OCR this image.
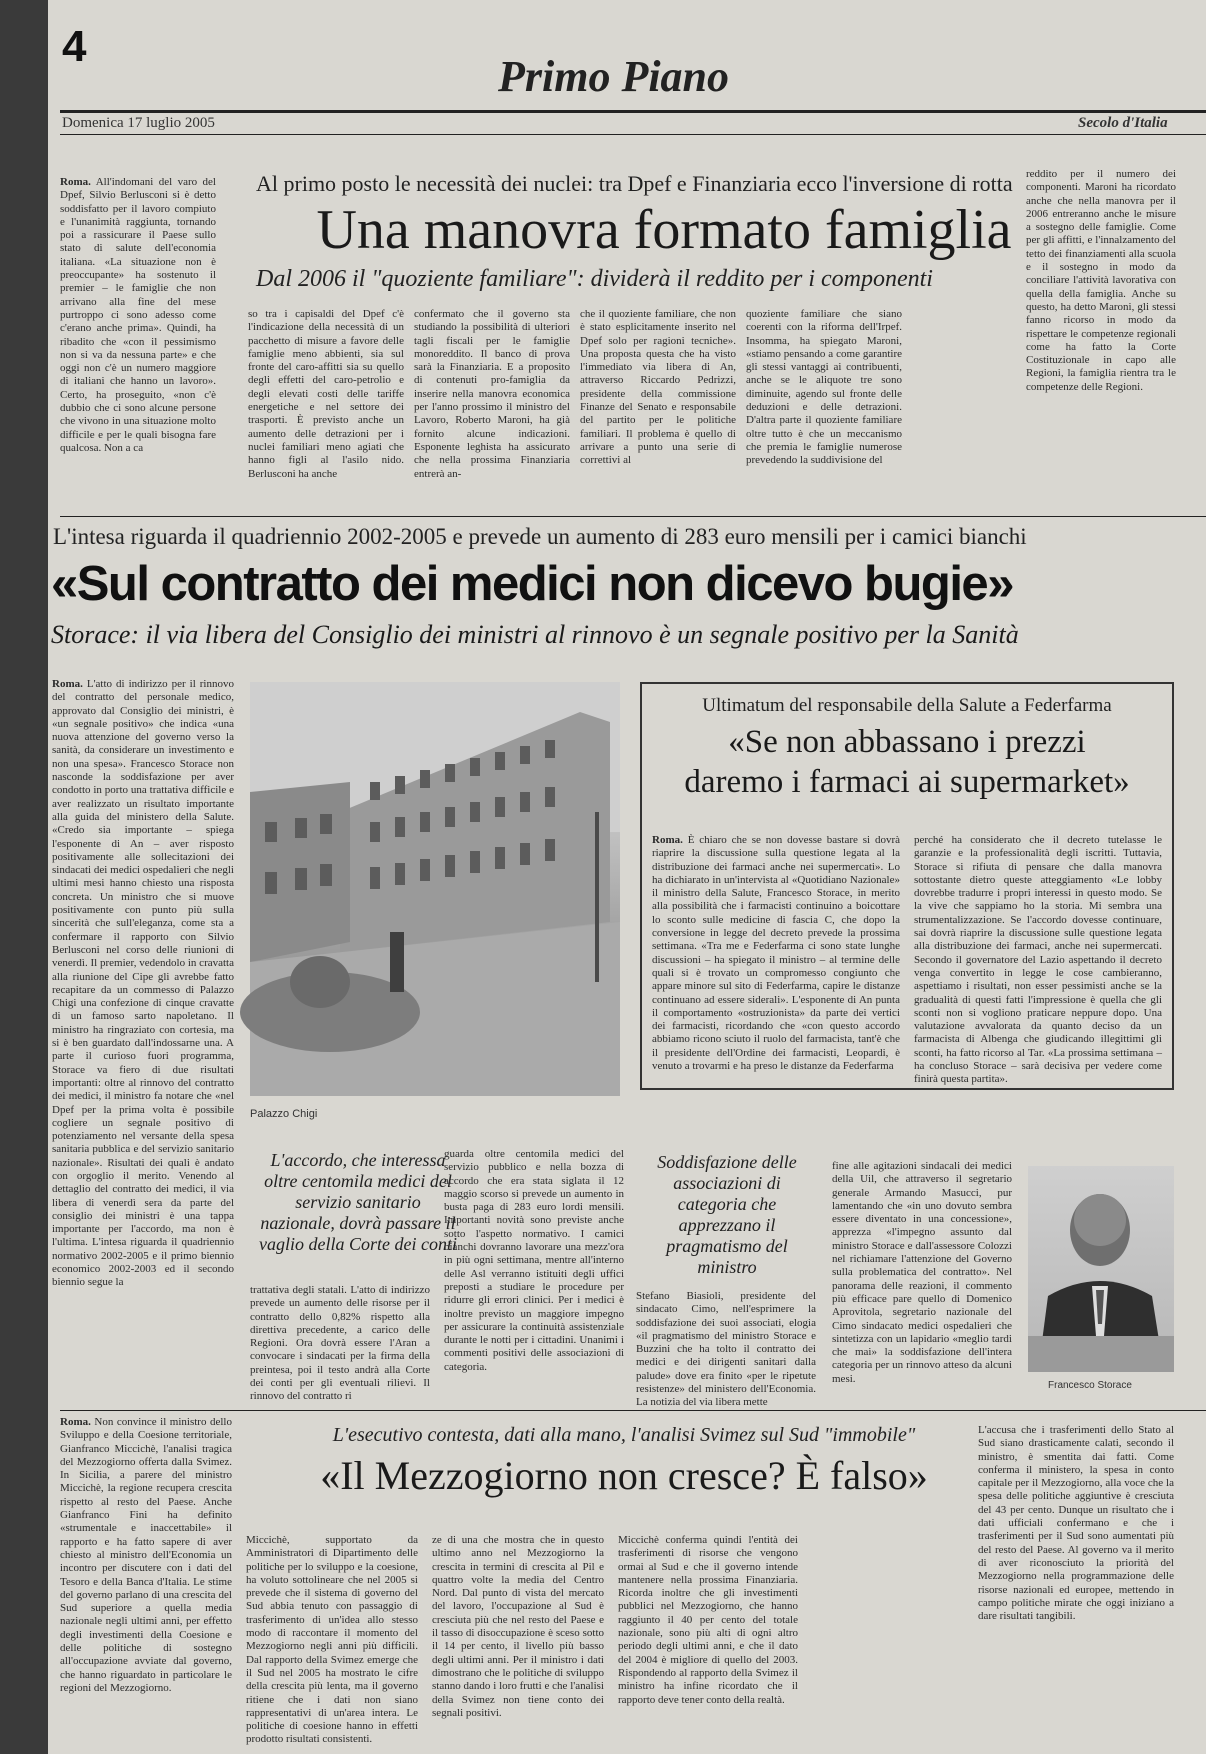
4
Primo Piano
Domenica 17 luglio 2005	Secolo d'Italia
Roma. All'indomani del varo del Dpef, Silvio Berlusconi si è detto soddisfatto per il lavoro compiuto e l'unanimità raggiunta, tornando poi a rassicurare il Paese sullo stato di salute dell'economia italiana. «La situazione non è preoccupante» ha sostenuto il premier – le famiglie che non arrivano alla fine del mese purtroppo ci sono adesso come c'erano anche prima». Quindi, ha ribadito che «con il pessimismo non si va da nessuna parte» e che oggi non c'è un numero maggiore di italiani che hanno un lavoro». Certo, ha proseguito, «non c'è dubbio che ci sono alcune persone che vivono in una situazione molto difficile e per le quali bisogna fare qualcosa. Non a ca
Al primo posto le necessità dei nuclei: tra Dpef e Finanziaria ecco l'inversione di rotta
Una manovra formato famiglia
Dal 2006 il "quoziente familiare": dividerà il reddito per i componenti
so tra i capisaldi del Dpef c'è l'indicazione della necessità di un pacchetto di misure a favore delle famiglie meno abbienti, sia sul fronte del caro-affitti sia su quello degli effetti del caro-petrolio e degli elevati costi delle tariffe energetiche e nel settore dei trasporti. È previsto anche un aumento delle detrazioni per i nuclei familiari meno agiati che hanno figli al l'asilo nido. Berlusconi ha anche
confermato che il governo sta studiando la possibilità di ulteriori tagli fiscali per le famiglie monoreddito. Il banco di prova sarà la Finanziaria. E a proposito di contenuti pro-famiglia da inserire nella manovra economica per l'anno prossimo il ministro del Lavoro, Roberto Maroni, ha già fornito alcune indicazioni. Esponente leghista ha assicurato che nella prossima Finanziaria entrerà an-
che il quoziente familiare, che non è stato esplicitamente inserito nel Dpef solo per ragioni tecniche». Una proposta questa che ha visto l'immediato via libera di An, attraverso Riccardo Pedrizzi, presidente della commissione Finanze del Senato e responsabile del partito per le politiche familiari. Il problema è quello di arrivare a punto una serie di correttivi al
quoziente familiare che siano coerenti con la riforma dell'Irpef. Insomma, ha spiegato Maroni, «stiamo pensando a come garantire gli stessi vantaggi ai contribuenti, anche se le aliquote tre sono diminuite, agendo sul fronte delle deduzioni e delle detrazioni. D'altra parte il quoziente familiare oltre tutto è che un meccanismo che premia le famiglie numerose prevedendo la suddivisione del
reddito per il numero dei componenti. Maroni ha ricordato anche che nella manovra per il 2006 entreranno anche le misure a sostegno delle famiglie. Come per gli affitti, e l'innalzamento del tetto dei finanziamenti alla scuola e il sostegno in modo da conciliare l'attività lavorativa con quella della famiglia. Anche su questo, ha detto Maroni, gli stessi fanno ricorso in modo da rispettare le competenze regionali come ha fatto la Corte Costituzionale in capo alle Regioni, la famiglia rientra tra le competenze delle Regioni.
L'intesa riguarda il quadriennio 2002-2005 e prevede un aumento di 283 euro mensili per i camici bianchi
«Sul contratto dei medici non dicevo bugie»
Storace: il via libera del Consiglio dei ministri al rinnovo è un segnale positivo per la Sanità
Roma. L'atto di indirizzo per il rinnovo del contratto del personale medico, approvato dal Consiglio dei ministri, è «un segnale positivo» che indica «una nuova attenzione del governo verso la sanità, da considerare un investimento e non una spesa». Francesco Storace non nasconde la soddisfazione per aver condotto in porto una trattativa difficile e aver realizzato un risultato importante alla guida del ministero della Salute. «Credo sia importante – spiega l'esponente di An – aver risposto positivamente alle sollecitazioni dei sindacati dei medici ospedalieri che negli ultimi mesi hanno chiesto una risposta concreta. Un ministro che si muove positivamente con punto più sulla sincerità che sull'eleganza, come sta a confermare il rapporto con Silvio Berlusconi nel corso delle riunioni di venerdì. Il premier, vedendolo in cravatta alla riunione del Cipe gli avrebbe fatto recapitare da un commesso di Palazzo Chigi una confezione di cinque cravatte di un famoso sarto napoletano. Il ministro ha ringraziato con cortesia, ma si è ben guardato dall'indossarne una. A parte il curioso fuori programma, Storace va fiero di due risultati importanti: oltre al rinnovo del contratto dei medici, il ministro fa notare che «nel Dpef per la prima volta è possibile cogliere un segnale positivo di potenziamento nel versante della spesa sanitaria pubblica e del servizio sanitario nazionale». Risultati dei quali è andato con orgoglio il merito. Venendo al dettaglio del contratto dei medici, il via libera di venerdì sera da parte del consiglio dei ministri è una tappa importante per l'accordo, ma non è l'ultima. L'intesa riguarda il quadriennio normativo 2002-2005 e il primo biennio economico 2002-2003 ed il secondo biennio segue la
Palazzo Chigi
L'accordo, che interessa oltre centomila medici del servizio sanitario nazionale, dovrà passare il vaglio della Corte dei conti
trattativa degli statali. L'atto di indirizzo prevede un aumento delle risorse per il contratto dello 0,82% rispetto alla direttiva precedente, a carico delle Regioni. Ora dovrà essere l'Aran a convocare i sindacati per la firma della preintesa, poi il testo andrà alla Corte dei conti per gli eventuali rilievi. Il rinnovo del contratto ri
guarda oltre centomila medici del servizio pubblico e nella bozza di accordo che era stata siglata il 12 maggio scorso si prevede un aumento in busta paga di 283 euro lordi mensili. Importanti novità sono previste anche sotto l'aspetto normativo. I camici bianchi dovranno lavorare una mezz'ora in più ogni settimana, mentre all'interno delle Asl verranno istituiti degli uffici preposti a studiare le procedure per ridurre gli errori clinici. Per i medici è inoltre previsto un maggiore impegno per assicurare la continuità assistenziale durante le notti per i cittadini. Unanimi i commenti positivi delle associazioni di categoria.
Soddisfazione delle associazioni di categoria che apprezzano il pragmatismo del ministro
Stefano Biasioli, presidente del sindacato Cimo, nell'esprimere la soddisfazione dei suoi associati, elogia «il pragmatismo del ministro Storace e Buzzini che ha tolto il contratto dei medici e dei dirigenti sanitari dalla palude» dove era finito «per le ripetute resistenze» del ministero dell'Economia. La notizia del via libera mette
fine alle agitazioni sindacali dei medici della Uil, che attraverso il segretario generale Armando Masucci, pur lamentando che «in uno dovuto sembra essere diventato in una concessione», apprezza «l'impegno assunto dal ministro Storace e dall'assessore Colozzi nel richiamare l'attenzione del Governo sulla problematica del contratto». Nel panorama delle reazioni, il commento più efficace pare quello di Domenico Aprovitola, segretario nazionale del Cimo sindacato medici ospedalieri che sintetizza con un lapidario «meglio tardi che mai» la soddisfazione dell'intera categoria per un rinnovo atteso da alcuni mesi.
Francesco Storace
Ultimatum del responsabile della Salute a Federfarma
«Se non abbassano i prezzi
daremo i farmaci ai supermarket»
Roma. È chiaro che se non dovesse bastare si dovrà riaprire la discussione sulla questione legata al la distribuzione dei farmaci anche nei supermercati». Lo ha dichiarato in un'intervista al «Quotidiano Nazionale» il ministro della Salute, Francesco Storace, in merito alla possibilità che i farmacisti continuino a boicottare lo sconto sulle medicine di fascia C, che dopo la conversione in legge del decreto prevede la prossima settimana. «Tra me e Federfarma ci sono state lunghe discussioni – ha spiegato il ministro – al termine delle quali si è trovato un compromesso congiunto che appare minore sul sito di Federfarma, capire le distanze continuano ad essere siderali». L'esponente di An punta il comportamento «ostruzionista» da parte dei vertici dei farmacisti, ricordando che «con questo accordo abbiamo ricono sciuto il ruolo del farmacista, tant'è che il presidente dell'Ordine dei farmacisti, Leopardi, è venuto a trovarmi e ha preso le distanze da Federfarma
perché ha considerato che il decreto tutelasse le garanzie e la professionalità degli iscritti. Tuttavia, Storace si rifiuta di pensare che dalla manovra sottostante dietro queste atteggiamento «Le lobby dovrebbe tradurre i propri interessi in questo modo. Se la vive che sappiamo ho la storia. Mi sembra una strumentalizzazione. Se l'accordo dovesse continuare, sai dovrà riaprire la discussione sulle questione legata alla distribuzione dei farmaci, anche nei supermercati. Secondo il governatore del Lazio aspettando il decreto venga convertito in legge le cose cambieranno, aspettiamo i risultati, non esser pessimisti anche se la gradualità di questi fatti l'impressione è quella che gli sconti non si vogliono praticare neppure dopo. Una valutazione avvalorata da quanto deciso da un farmacista di Albenga che giudicando illegittimi gli sconti, ha fatto ricorso al Tar. «La prossima settimana – ha concluso Storace – sarà decisiva per vedere come finirà questa partita».
Roma. Non convince il ministro dello Sviluppo e della Coesione territoriale, Gianfranco Miccichè, l'analisi tragica del Mezzogiorno offerta dalla Svimez. In Sicilia, a parere del ministro Miccichè, la regione recupera crescita rispetto al resto del Paese. Anche Gianfranco Fini ha definito «strumentale e inaccettabile» il rapporto e ha fatto sapere di aver chiesto al ministro dell'Economia un incontro per discutere con i dati del Tesoro e della Banca d'Italia. Le stime del governo parlano di una crescita del Sud superiore a quella media nazionale negli ultimi anni, per effetto degli investimenti della Coesione e delle politiche di sostegno all'occupazione avviate dal governo, che hanno riguardato in particolare le regioni del Mezzogiorno.
L'esecutivo contesta, dati alla mano, l'analisi Svimez sul Sud "immobile"
«Il Mezzogiorno non cresce? È falso»
Miccichè, supportato da Amministratori di Dipartimento delle politiche per lo sviluppo e la coesione, ha voluto sottolineare che nel 2005 si prevede che il sistema di governo del Sud abbia tenuto con passaggio di trasferimento di un'idea allo stesso modo di raccontare il momento del Mezzogiorno negli anni più difficili. Dal rapporto della Svimez emerge che il Sud nel 2005 ha mostrato le cifre della crescita più lenta, ma il governo ritiene che i dati non siano rappresentativi di un'area intera. Le politiche di coesione hanno in effetti prodotto risultati consistenti.
ze di una che mostra che in questo ultimo anno nel Mezzogiorno la crescita in termini di crescita al Pil e quattro volte la media del Centro Nord. Dal punto di vista del mercato del lavoro, l'occupazione al Sud è cresciuta più che nel resto del Paese e il tasso di disoccupazione è sceso sotto il 14 per cento, il livello più basso degli ultimi anni. Per il ministro i dati dimostrano che le politiche di sviluppo stanno dando i loro frutti e che l'analisi della Svimez non tiene conto dei segnali positivi.
Miccichè conferma quindi l'entità dei trasferimenti di risorse che vengono ormai al Sud e che il governo intende mantenere nella prossima Finanziaria. Ricorda inoltre che gli investimenti pubblici nel Mezzogiorno, che hanno raggiunto il 40 per cento del totale nazionale, sono più alti di ogni altro periodo degli ultimi anni, e che il dato del 2004 è migliore di quello del 2003. Rispondendo al rapporto della Svimez il ministro ha infine ricordato che il rapporto deve tener conto della realtà.
L'accusa che i trasferimenti dello Stato al Sud siano drasticamente calati, secondo il ministro, è smentita dai fatti. Come conferma il ministero, la spesa in conto capitale per il Mezzogiorno, alla voce che la spesa delle politiche aggiuntive è cresciuta del 43 per cento. Dunque un risultato che i dati ufficiali confermano e che i trasferimenti per il Sud sono aumentati più del resto del Paese. Al governo va il merito di aver riconosciuto la priorità del Mezzogiorno nella programmazione delle risorse nazionali ed europee, mettendo in campo politiche mirate che oggi iniziano a dare risultati tangibili.
